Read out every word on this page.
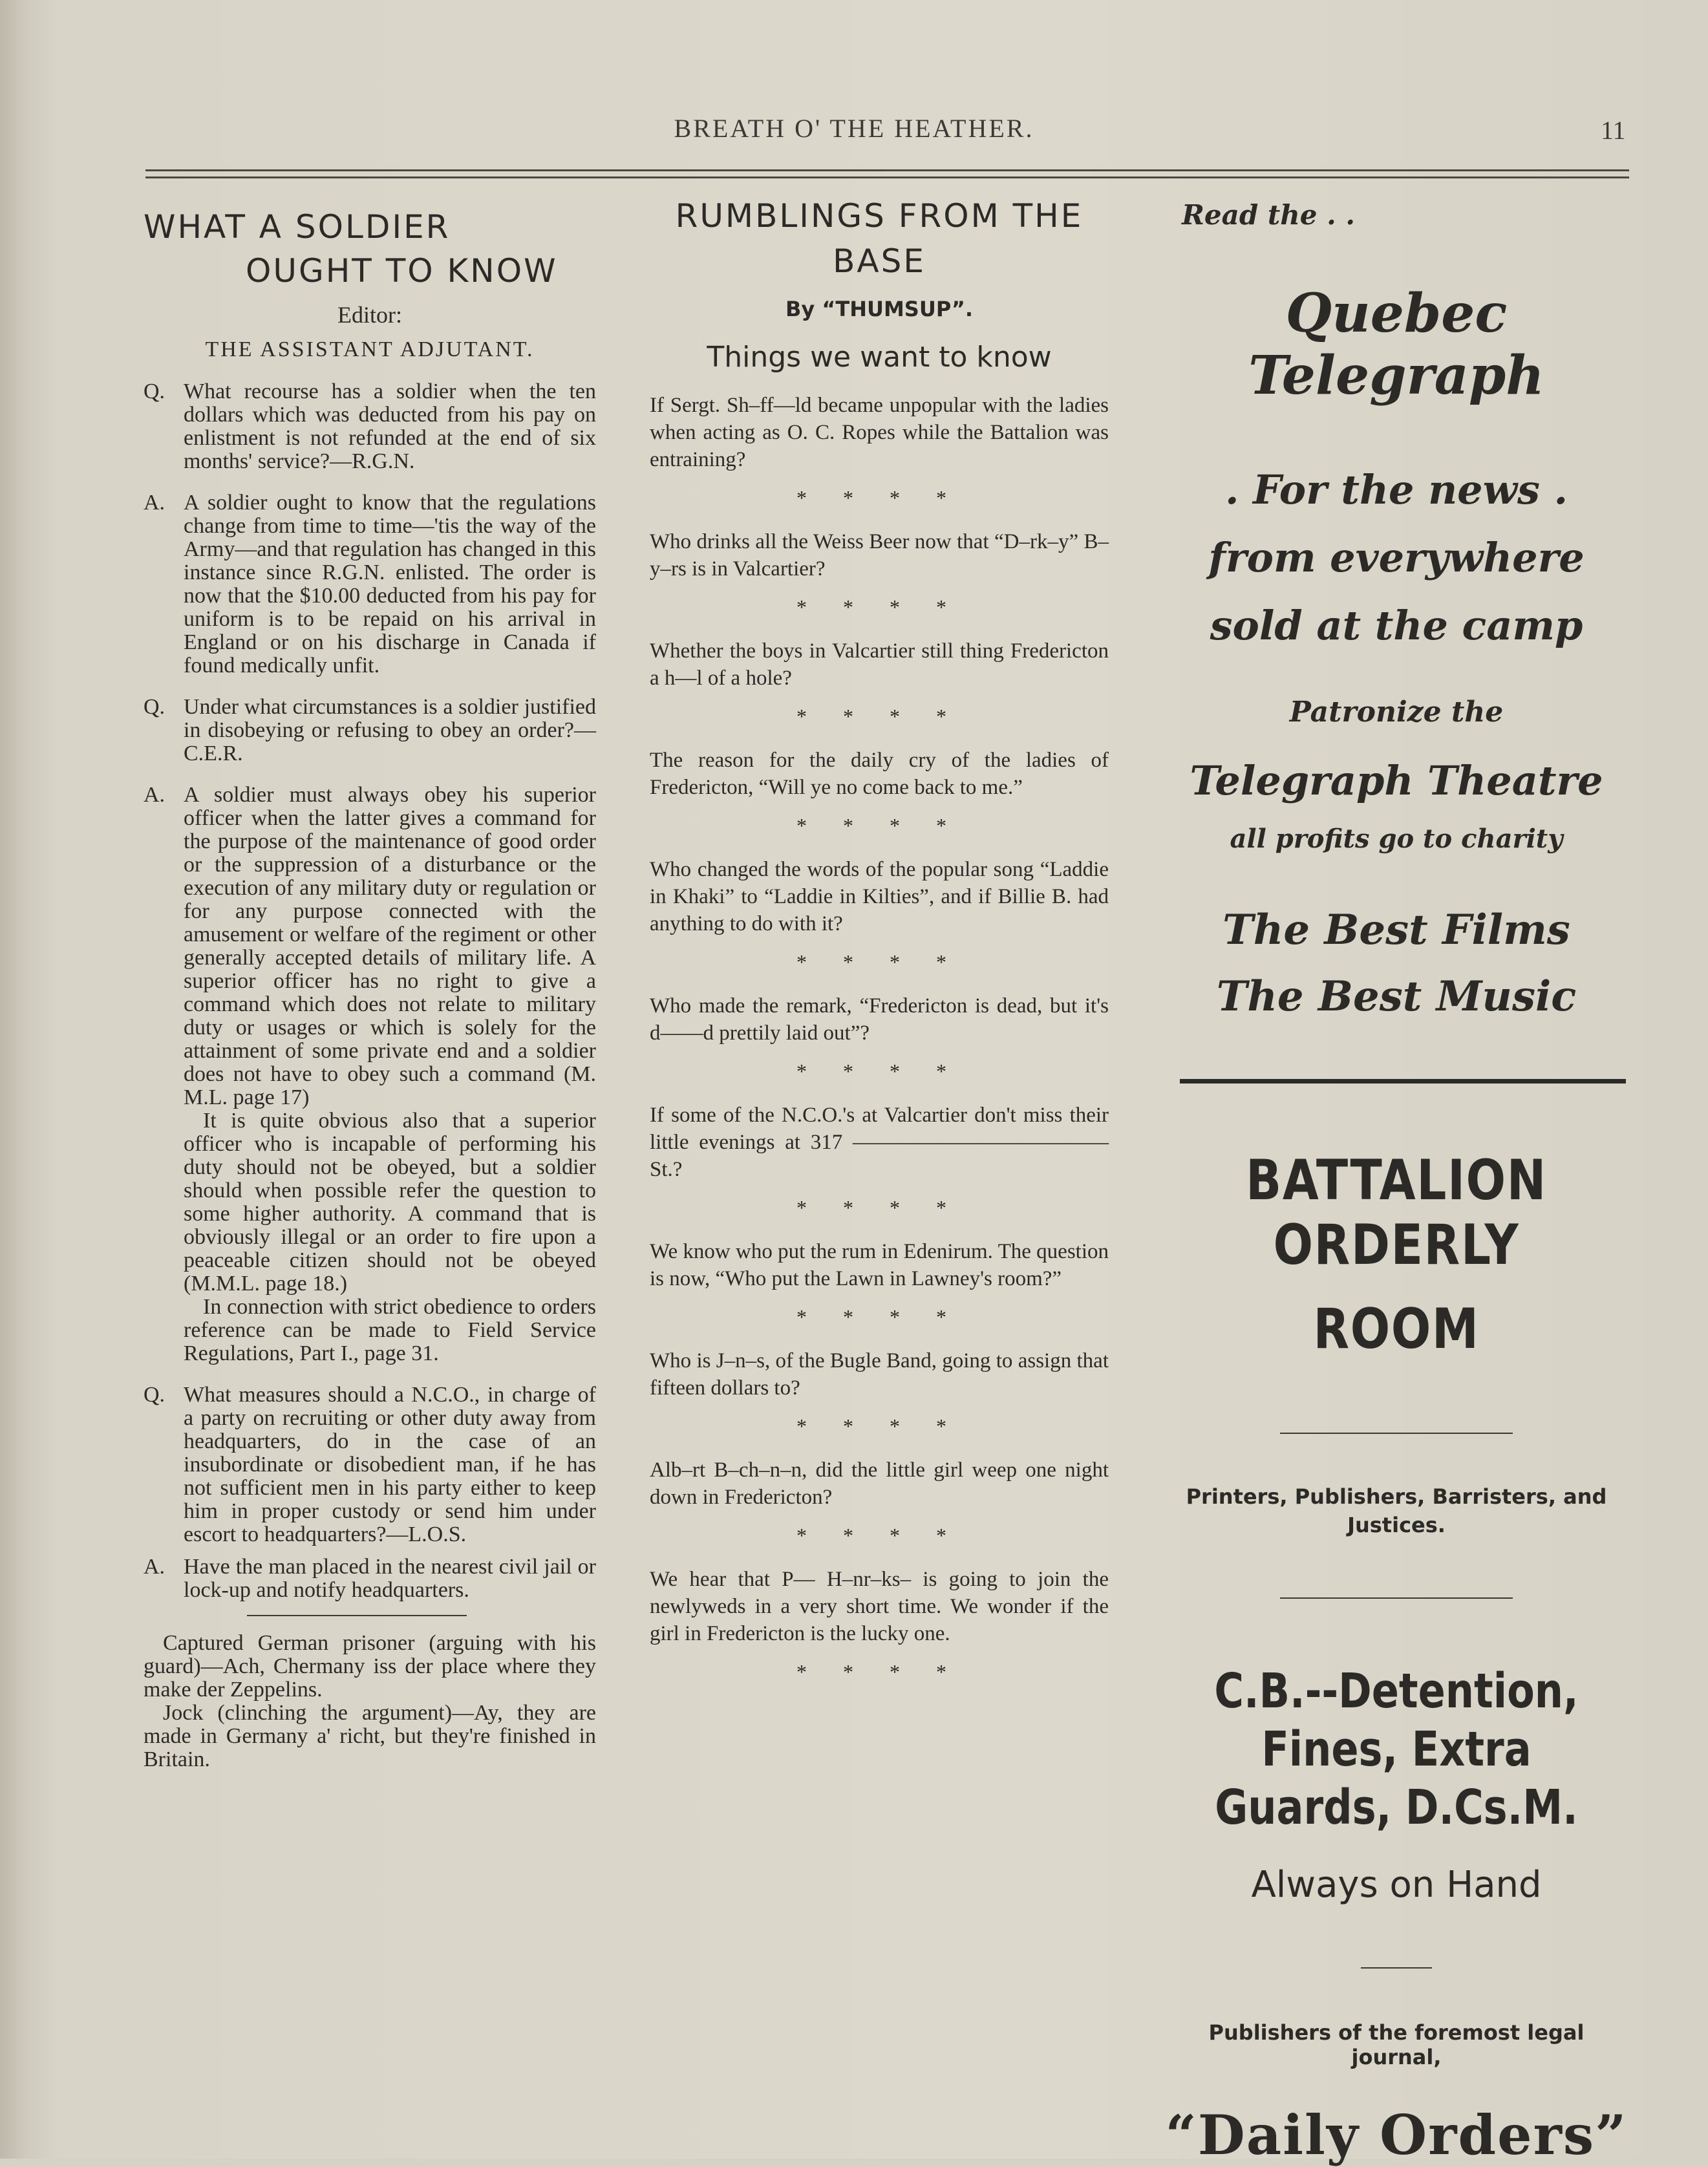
BREATH O' THE HEATHER.	11
WHAT A SOLDIER
OUGHT TO KNOW
Editor:
THE ASSISTANT ADJUTANT.
Q. What recourse has a soldier when the ten dollars which was deducted from his pay on enlistment is not refunded at the end of six months' service?—R.G.N.

A. A soldier ought to know that the regulations change from time to time—'tis the way of the Army—and that regulation has changed in this instance since R.G.N. enlisted. The order is now that the $10.00 deducted from his pay for uniform is to be repaid on his arrival in England or on his discharge in Canada if found medically unfit.

Q. Under what circumstances is a soldier justified in disobeying or refusing to obey an order?—C.E.R.

A. A soldier must always obey his superior officer when the latter gives a command for the purpose of the maintenance of good order or the suppression of a disturbance or the execution of any military duty or regulation or for any purpose connected with the amusement or welfare of the regiment or other generally accepted details of military life. A superior officer has no right to give a command which does not relate to military duty or usages or which is solely for the attainment of some private end and a soldier does not have to obey such a command (M. M.L. page 17)

It is quite obvious also that a superior officer who is incapable of performing his duty should not be obeyed, but a soldier should when possible refer the question to some higher authority. A command that is obviously illegal or an order to fire upon a peaceable citizen should not be obeyed (M.M.L. page 18.)

In connection with strict obedience to orders reference can be made to Field Service Regulations, Part I., page 31.

Q. What measures should a N.C.O., in charge of a party on recruiting or other duty away from headquarters, do in the case of an insubordinate or disobedient man, if he has not sufficient men in his party either to keep him in proper custody or send him under escort to headquarters?—L.O.S.

A. Have the man placed in the nearest civil jail or lock-up and notify headquarters.

Captured German prisoner (arguing with his guard)—Ach, Chermany iss der place where they make der Zeppelins.

Jock (clinching the argument)—Ay, they are made in Germany a' richt, but they're finished in Britain.

RUMBLINGS FROM THE
BASE
By “THUMSUP”.
Things we want to know
If Sergt. Sh–ff––ld became unpopular with the ladies when acting as O. C. Ropes while the Battalion was entraining?
* * * *
Who drinks all the Weiss Beer now that “D–rk–y” B–y–rs is in Valcartier?
* * * *
Whether the boys in Valcartier still thing Fredericton a h––l of a hole?
* * * *
The reason for the daily cry of the ladies of Fredericton, “Will ye no come back to me.”
* * * *
Who changed the words of the popular song “Laddie in Khaki” to “Laddie in Kilties”, and if Billie B. had anything to do with it?
* * * *
Who made the remark, “Fredericton is dead, but it's d––––d prettily laid out”?
* * * *
If some of the N.C.O.'s at Valcartier don't miss their little evenings at 317 ————————————St.?
* * * *
We know who put the rum in Edenirum. The question is now, “Who put the Lawn in Lawney's room?”
* * * *
Who is J–n–s, of the Bugle Band, going to assign that fifteen dollars to?
* * * *
Alb–rt B–ch–n–n, did the little girl weep one night down in Fredericton?
* * * *
We hear that P–– H–nr–ks– is going to join the newlyweds in a very short time. We wonder if the girl in Fredericton is the lucky one.
* * * *
Read the . .
Quebec Telegraph
. For the news .
from everywhere
sold at the camp
Patronize the
Telegraph Theatre
all profits go to charity
The Best Films
The Best Music
BATTALION ORDERLY
ROOM
Printers, Publishers, Barristers, and Justices.
C.B.--Detention, Fines, Extra
Guards, D.Cs.M.
Always on Hand
Publishers of the foremost legal journal,
“Daily Orders”
